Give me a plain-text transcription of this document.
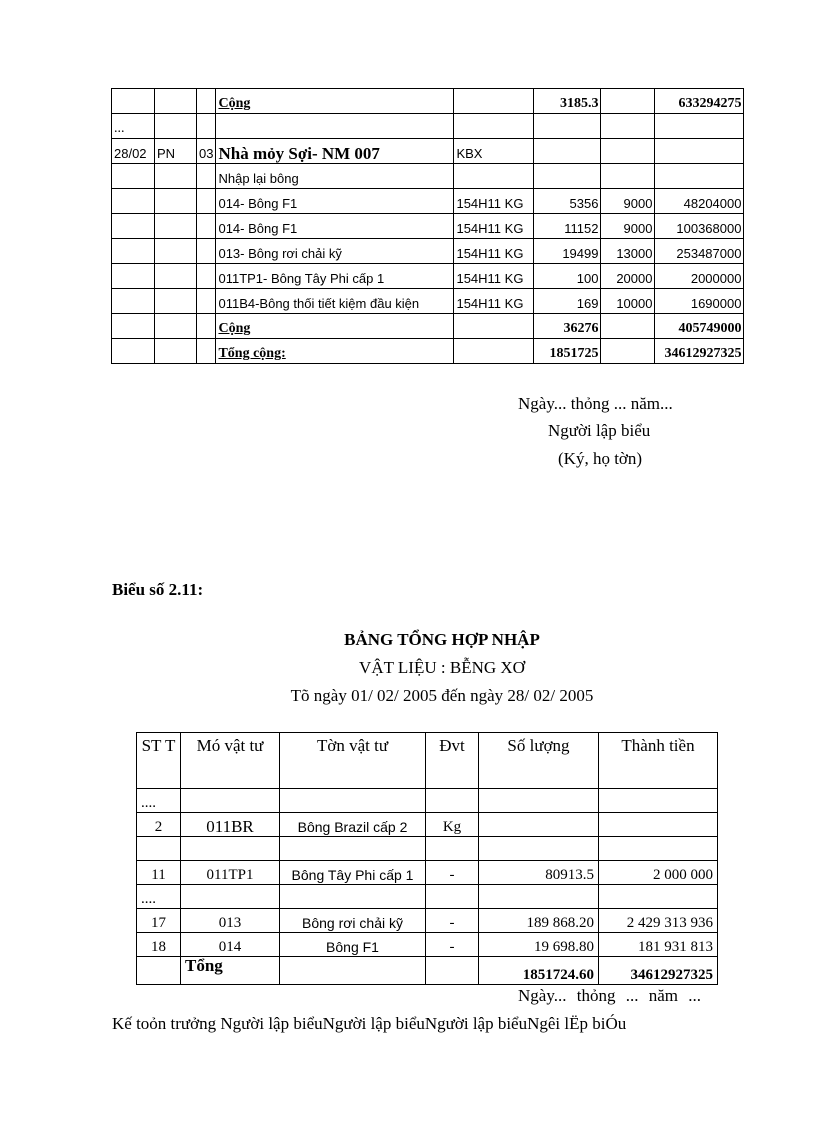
			Cộng		3185.3		633294275
...							
28/02	PN	03	Nhà mỏy Sợi- NM 007	KBX			
			Nhập lại bông				
			014- Bông F1	154H11 KG	5356	9000	48204000
			014- Bông F1	154H11 KG	11152	9000	100368000
			013- Bông rơi chải kỹ	154H11 KG	19499	13000	253487000
			011TP1- Bông Tây Phi cấp 1	154H11 KG	100	20000	2000000
			011B4-Bông thối tiết kiệm đầu kiện	154H11 KG	169	10000	1690000
			Cộng		36276		405749000
			Tổng cộng:		1851725		34612927325
Ngày... thỏng ... năm...
Người lập biểu
(Ký, họ tờn)
Biểu số 2.11:
BẢNG TỔNG HỢP NHẬP
VẬT LIỆU : BỄNG XƠ
Tõ ngày 01/ 02/ 2005 đến ngày 28/ 02/ 2005
ST T	Mó vật tư	Tờn vật tư	Đvt	Số lượng	Thành tiền
....					
2	011BR	Bông Brazil cấp 2	Kg		

11	011TP1	Bông Tây Phi cấp 1	-	80913.5	2 000 000
....					
17	013	Bông rơi chải kỹ	-	189 868.20	2 429 313 936
18	014	Bông F1	-	19 698.80	181 931 813
	Tổng			1851724.60	34612927325
Ngày... thỏng ... năm ...
Kế toỏn trưởng Người lập biểuNgười lập biểuNgười lập biểuNgêi lËp biÓu
